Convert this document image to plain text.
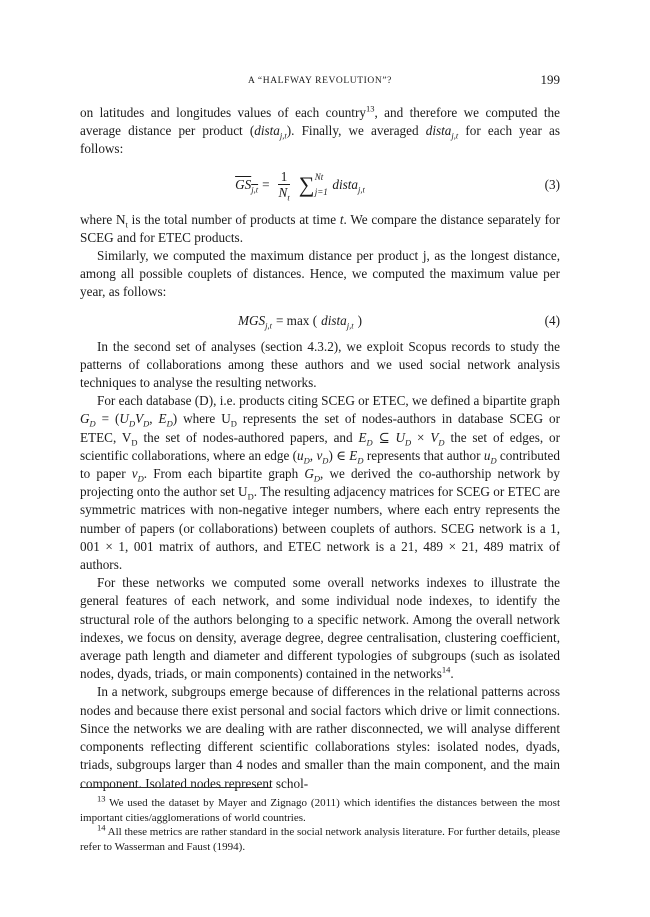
A “HALFWAY REVOLUTION”?	199

on latitudes and longitudes values of each country$^{13}$, and therefore we computed the average distance per product (dista$_{j,t}$). Finally, we averaged dista$_{j,t}$ for each year as follows:

$GS_{j,t} = \frac{1}{N_t}$ ∑ Nt
j=1
dista$_{j,t}$	(3)

where $N_t$ is the total number of products at time t. We compare the distance separately for SCEG and for ETEC products.

Similarly, we computed the maximum distance per product j, as the longest distance, among all possible couplets of distances. Hence, we computed the maximum value per year, as follows:

$MGS_{j,t} = \max$ ( dista$_{j,t}$ )	(4)

In the second set of analyses (section 4.3.2), we exploit Scopus records to study the patterns of collaborations among these authors and we used social network analysis techniques to analyse the resulting networks.

For each database (D), i.e. products citing SCEG or ETEC, we defined a bipartite graph $G_D = (U_DV_D$, $E_D$) where $U_D$ represents the set of nodes-authors in database SCEG or ETEC, $V_D$ the set of nodes-authored papers, and $E_D$ ⊆ $U_D \times V_D$ the set of edges, or scientific collaborations, where an edge ($u_D$, $v_D$) ∈ $E_D$ represents that author $u_D$ contributed to paper $v_D$. From each bipartite graph $G_D$, we derived the co-authorship network by projecting onto the author set $U_D$. The resulting adjacency matrices for SCEG or ETEC are symmetric matrices with non-negative integer numbers, where each entry represents the number of papers (or collaborations) between couplets of authors. SCEG network is a 1, 001 × 1, 001 matrix of authors, and ETEC network is a 21, 489 × 21, 489 matrix of authors.

For these networks we computed some overall networks indexes to illustrate the general features of each network, and some individual node indexes, to identify the structural role of the authors belonging to a specific network. Among the overall network indexes, we focus on density, average degree, degree centralisation, clustering coefficient, average path length and diameter and different typologies of subgroups (such as isolated nodes, dyads, triads, or main components) contained in the networks$^{14}$.

In a network, subgroups emerge because of differences in the relational patterns across nodes and because there exist personal and social factors which drive or limit connections. Since the networks we are dealing with are rather disconnected, we will analyse different components reflecting different scientific collaborations styles: isolated nodes, dyads, triads, subgroups larger than 4 nodes and smaller than the main component, and the main component. Isolated nodes represent schol-

$^{13}$ We used the dataset by Mayer and Zignago (2011) which identifies the distances between the most important cities/agglomerations of world countries.

$^{14}$ All these metrics are rather standard in the social network analysis literature. For further details, please refer to Wasserman and Faust (1994).
